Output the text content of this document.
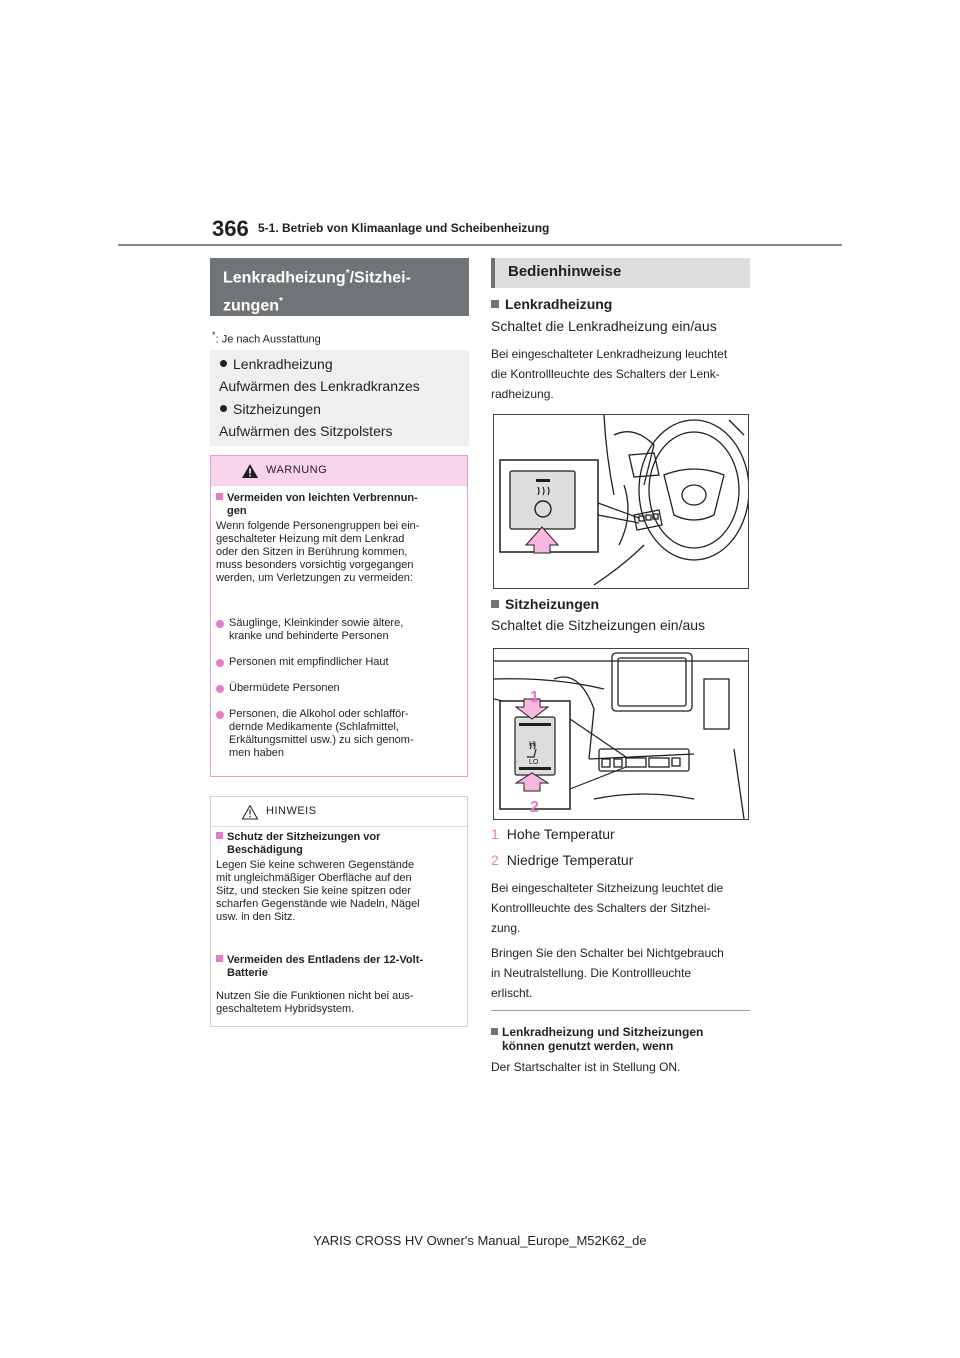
366 5-1. Betrieb von Klimaanlage und Scheibenheizung
Lenkradheizung*/Sitzhei-
zungen*
*: Je nach Ausstattung
Lenkradheizung
Aufwärmen des Lenkradkranzes
Sitzheizungen
Aufwärmen des Sitzpolsters
WARNUNG
Vermeiden von leichten Verbrennun-
gen
Wenn folgende Personengruppen bei ein-
geschalteter Heizung mit dem Lenkrad
oder den Sitzen in Berührung kommen,
muss besonders vorsichtig vorgegangen
werden, um Verletzungen zu vermeiden:
Säuglinge, Kleinkinder sowie ältere,
kranke und behinderte Personen
Personen mit empfindlicher Haut
Übermüdete Personen
Personen, die Alkohol oder schlafför-
dernde Medikamente (Schlafmittel,
Erkältungsmittel usw.) zu sich genom-
men haben
HINWEIS
Schutz der Sitzheizungen vor
Beschädigung
Legen Sie keine schweren Gegenstände
mit ungleichmäßiger Oberfläche auf den
Sitz, und stecken Sie keine spitzen oder
scharfen Gegenstände wie Nadeln, Nägel
usw. in den Sitz.
Vermeiden des Entladens der 12-Volt-
Batterie
Nutzen Sie die Funktionen nicht bei aus-
geschaltetem Hybridsystem.
Bedienhinweise
Lenkradheizung
Schaltet die Lenkradheizung ein/aus
Bei eingeschalteter Lenkradheizung leuchtet
die Kontrollleuchte des Schalters der Lenk-
radheizung.
Sitzheizungen
Schaltet die Sitzheizungen ein/aus
1
2
HI
LO
1 Hohe Temperatur
2 Niedrige Temperatur
Bei eingeschalteter Sitzheizung leuchtet die
Kontrollleuchte des Schalters der Sitzhei-
zung.
Bringen Sie den Schalter bei Nichtgebrauch
in Neutralstellung. Die Kontrollleuchte
erlischt.
Lenkradheizung und Sitzheizungen
können genutzt werden, wenn
Der Startschalter ist in Stellung ON.
YARIS CROSS HV Owner's Manual_Europe_M52K62_de
